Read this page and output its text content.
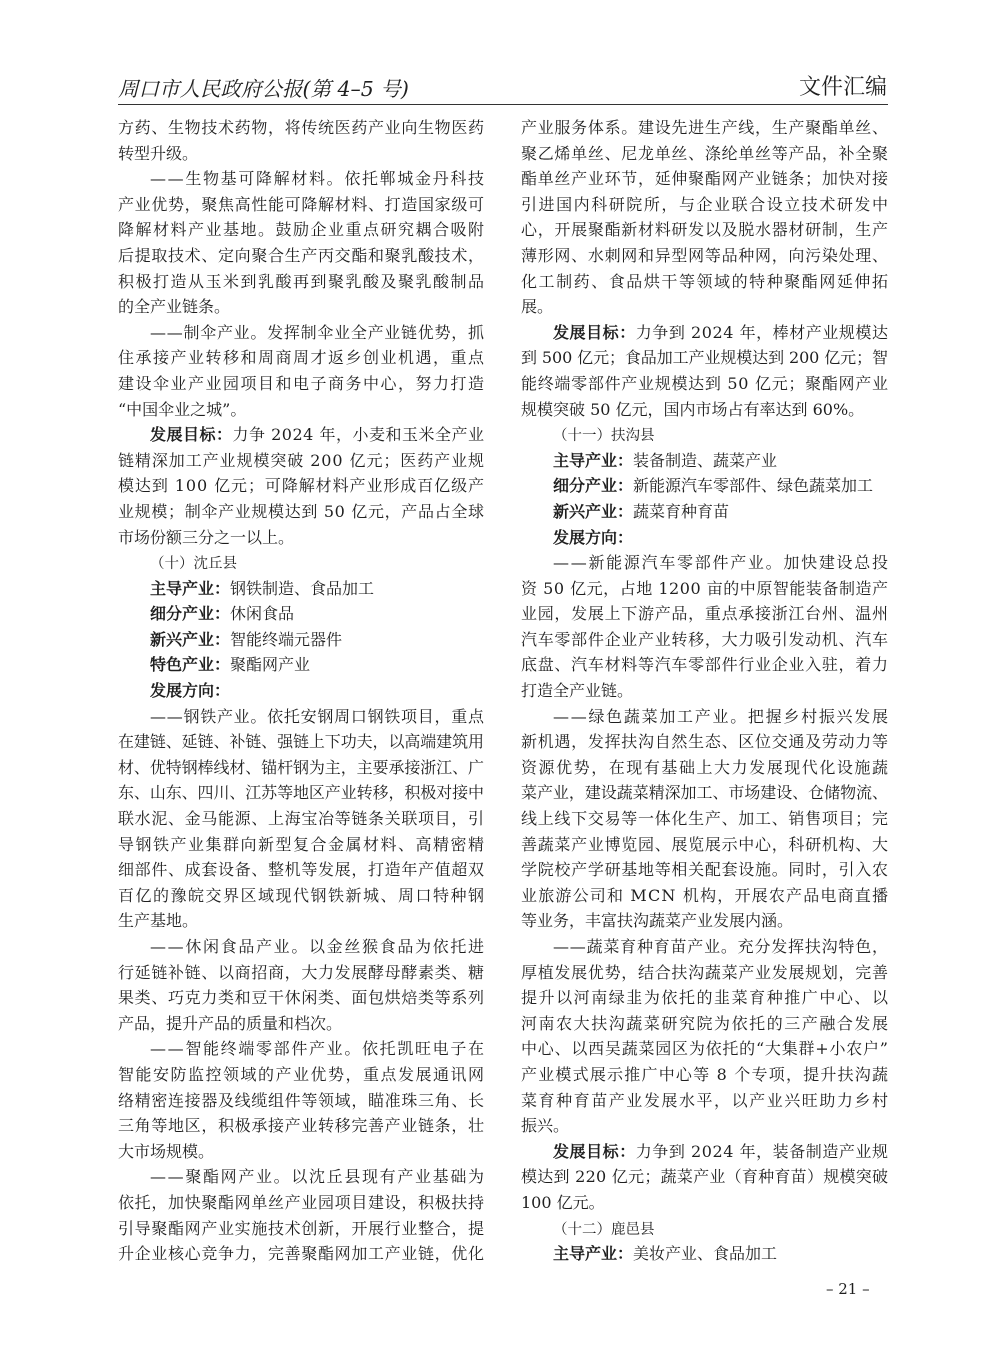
周口市人民政府公报(第 4–5 号)	文件汇编
方药、生物技术药物，将传统医药产业向生物医药
转型升级。
——生物基可降解材料。依托郸城金丹科技
产业优势，聚焦高性能可降解材料、打造国家级可
降解材料产业基地。鼓励企业重点研究耦合吸附
后提取技术、定向聚合生产丙交酯和聚乳酸技术，
积极打造从玉米到乳酸再到聚乳酸及聚乳酸制品
的全产业链条。
——制伞产业。发挥制伞业全产业链优势，抓
住承接产业转移和周商周才返乡创业机遇，重点
建设伞业产业园项目和电子商务中心，努力打造
“中国伞业之城”。
发展目标：力争 2024 年，小麦和玉米全产业
链精深加工产业规模突破 200 亿元；医药产业规
模达到 100 亿元；可降解材料产业形成百亿级产
业规模；制伞产业规模达到 50 亿元，产品占全球
市场份额三分之一以上。
（十）沈丘县
主导产业：钢铁制造、食品加工
细分产业：休闲食品
新兴产业：智能终端元器件
特色产业：聚酯网产业
发展方向：
——钢铁产业。依托安钢周口钢铁项目，重点
在建链、延链、补链、强链上下功夫，以高端建筑用
材、优特钢棒线材、锚杆钢为主，主要承接浙江、广
东、山东、四川、江苏等地区产业转移，积极对接中
联水泥、金马能源、上海宝冶等链条关联项目，引
导钢铁产业集群向新型复合金属材料、高精密精
细部件、成套设备、整机等发展，打造年产值超双
百亿的豫皖交界区域现代钢铁新城、周口特种钢
生产基地。
——休闲食品产业。以金丝猴食品为依托进
行延链补链、以商招商，大力发展酵母酵素类、糖
果类、巧克力类和豆干休闲类、面包烘焙类等系列
产品，提升产品的质量和档次。
——智能终端零部件产业。依托凯旺电子在
智能安防监控领域的产业优势，重点发展通讯网
络精密连接器及线缆组件等领域，瞄准珠三角、长
三角等地区，积极承接产业转移完善产业链条，壮
大市场规模。
——聚酯网产业。以沈丘县现有产业基础为
依托，加快聚酯网单丝产业园项目建设，积极扶持
引导聚酯网产业实施技术创新，开展行业整合，提
升企业核心竞争力，完善聚酯网加工产业链，优化
产业服务体系。建设先进生产线，生产聚酯单丝、
聚乙烯单丝、尼龙单丝、涤纶单丝等产品，补全聚
酯单丝产业环节，延伸聚酯网产业链条；加快对接
引进国内科研院所，与企业联合设立技术研发中
心，开展聚酯新材料研发以及脱水器材研制，生产
薄形网、水刺网和异型网等品种网，向污染处理、
化工制药、食品烘干等领域的特种聚酯网延伸拓
展。
发展目标：力争到 2024 年，棒材产业规模达
到 500 亿元；食品加工产业规模达到 200 亿元；智
能终端零部件产业规模达到 50 亿元；聚酯网产业
规模突破 50 亿元，国内市场占有率达到 60%。
（十一）扶沟县
主导产业：装备制造、蔬菜产业
细分产业：新能源汽车零部件、绿色蔬菜加工
新兴产业：蔬菜育种育苗
发展方向：
——新能源汽车零部件产业。加快建设总投
资 50 亿元，占地 1200 亩的中原智能装备制造产
业园，发展上下游产品，重点承接浙江台州、温州
汽车零部件企业产业转移，大力吸引发动机、汽车
底盘、汽车材料等汽车零部件行业企业入驻，着力
打造全产业链。
——绿色蔬菜加工产业。把握乡村振兴发展
新机遇，发挥扶沟自然生态、区位交通及劳动力等
资源优势，在现有基础上大力发展现代化设施蔬
菜产业，建设蔬菜精深加工、市场建设、仓储物流、
线上线下交易等一体化生产、加工、销售项目；完
善蔬菜产业博览园、展览展示中心，科研机构、大
学院校产学研基地等相关配套设施。同时，引入农
业旅游公司和 MCN 机构，开展农产品电商直播
等业务，丰富扶沟蔬菜产业发展内涵。
——蔬菜育种育苗产业。充分发挥扶沟特色，
厚植发展优势，结合扶沟蔬菜产业发展规划，完善
提升以河南绿韭为依托的韭菜育种推广中心、以
河南农大扶沟蔬菜研究院为依托的三产融合发展
中心、以西吴蔬菜园区为依托的“大集群+小农户”
产业模式展示推广中心等 8 个专项，提升扶沟蔬
菜育种育苗产业发展水平，以产业兴旺助力乡村
振兴。
发展目标：力争到 2024 年，装备制造产业规
模达到 220 亿元；蔬菜产业（育种育苗）规模突破
100 亿元。
（十二）鹿邑县
主导产业：美妆产业、食品加工
– 21 –
